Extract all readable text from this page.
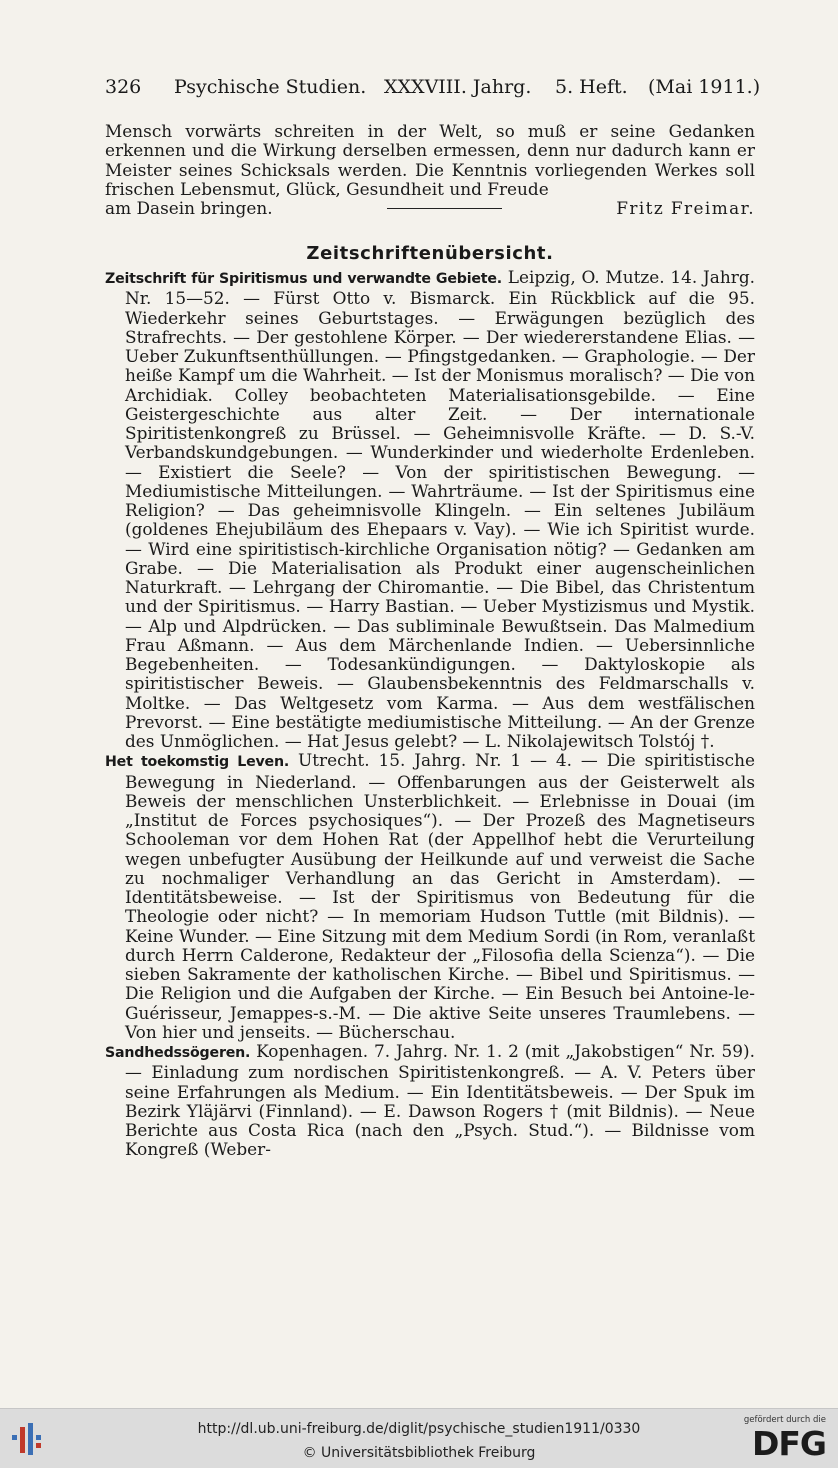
326 Psychische Studien. XXXVIII. Jahrg. 5. Heft. (Mai 1911.)
Mensch vorwärts schreiten in der Welt, so muß er seine Gedanken erkennen und die Wirkung derselben ermessen, denn nur dadurch kann er Meister seines Schicksals werden. Die Kenntnis vorliegenden Werkes soll frischen Lebensmut, Glück, Gesundheit und Freude
am Dasein bringen.	Fritz Freimar.
Zeitschriftenübersicht.

Zeitschrift für Spiritismus und verwandte Gebiete. Leipzig, O. Mutze. 14. Jahrg. Nr. 15—52. — Fürst Otto v. Bismarck. Ein Rückblick auf die 95. Wiederkehr seines Geburtstages. — Erwägungen bezüglich des Strafrechts. — Der gestohlene Körper. — Der wiedererstandene Elias. — Ueber Zukunftsenthüllungen. — Pfingstgedanken. — Graphologie. — Der heiße Kampf um die Wahrheit. — Ist der Monismus moralisch? — Die von Archidiak. Colley beobachteten Materialisationsgebilde. — Eine Geistergeschichte aus alter Zeit. — Der internationale Spiritistenkongreß zu Brüssel. — Geheimnisvolle Kräfte. — D. S.-V. Verbandskundgebungen. — Wunderkinder und wiederholte Erdenleben. — Existiert die Seele? — Von der spiritistischen Bewegung. — Mediumistische Mitteilungen. — Wahrträume. — Ist der Spiritismus eine Religion? — Das geheimnisvolle Klingeln. — Ein seltenes Jubiläum (goldenes Ehejubiläum des Ehepaars v. Vay). — Wie ich Spiritist wurde. — Wird eine spiritistisch-kirchliche Organisation nötig? — Gedanken am Grabe. — Die Materialisation als Produkt einer augenscheinlichen Naturkraft. — Lehrgang der Chiromantie. — Die Bibel, das Christentum und der Spiritismus. — Harry Bastian. — Ueber Mystizismus und Mystik. — Alp und Alpdrücken. — Das subliminale Bewußtsein. Das Malmedium Frau Aßmann. — Aus dem Märchenlande Indien. — Uebersinnliche Begebenheiten. — Todesankündigungen. — Daktyloskopie als spiritistischer Beweis. — Glaubensbekenntnis des Feldmarschalls v. Moltke. — Das Weltgesetz vom Karma. — Aus dem westfälischen Prevorst. — Eine bestätigte mediumistische Mitteilung. — An der Grenze des Unmöglichen. — Hat Jesus gelebt? — L. Nikolajewitsch Tolstój †.

Het toekomstig Leven. Utrecht. 15. Jahrg. Nr. 1 — 4. — Die spiritistische Bewegung in Niederland. — Offenbarungen aus der Geisterwelt als Beweis der menschlichen Unsterblichkeit. — Erlebnisse in Douai (im „Institut de Forces psychosiques“). — Der Prozeß des Magnetiseurs Schooleman vor dem Hohen Rat (der Appellhof hebt die Verurteilung wegen unbefugter Ausübung der Heilkunde auf und verweist die Sache zu nochmaliger Verhandlung an das Gericht in Amsterdam). — Identitätsbeweise. — Ist der Spiritismus von Bedeutung für die Theologie oder nicht? — In memoriam Hudson Tuttle (mit Bildnis). — Keine Wunder. — Eine Sitzung mit dem Medium Sordi (in Rom, veranlaßt durch Herrn Calderone, Redakteur der „Filosofia della Scienza“). — Die sieben Sakramente der katholischen Kirche. — Bibel und Spiritismus. — Die Religion und die Aufgaben der Kirche. — Ein Besuch bei Antoine-le-Guérisseur, Jemappes-s.-M. — Die aktive Seite unseres Traumlebens. — Von hier und jenseits. — Bücherschau.

Sandhedssögeren. Kopenhagen. 7. Jahrg. Nr. 1. 2 (mit „Jakobstigen“ Nr. 59). — Einladung zum nordischen Spiritistenkongreß. — A. V. Peters über seine Erfahrungen als Medium. — Ein Identitätsbeweis. — Der Spuk im Bezirk Yläjärvi (Finnland). — E. Dawson Rogers † (mit Bildnis). — Neue Berichte aus Costa Rica (nach den „Psych. Stud.“). — Bildnisse vom Kongreß (Weber-

http://dl.ub.uni-freiburg.de/diglit/psychische_studien1911/0330
© Universitätsbibliothek Freiburg
gefördert durch die
DFG
